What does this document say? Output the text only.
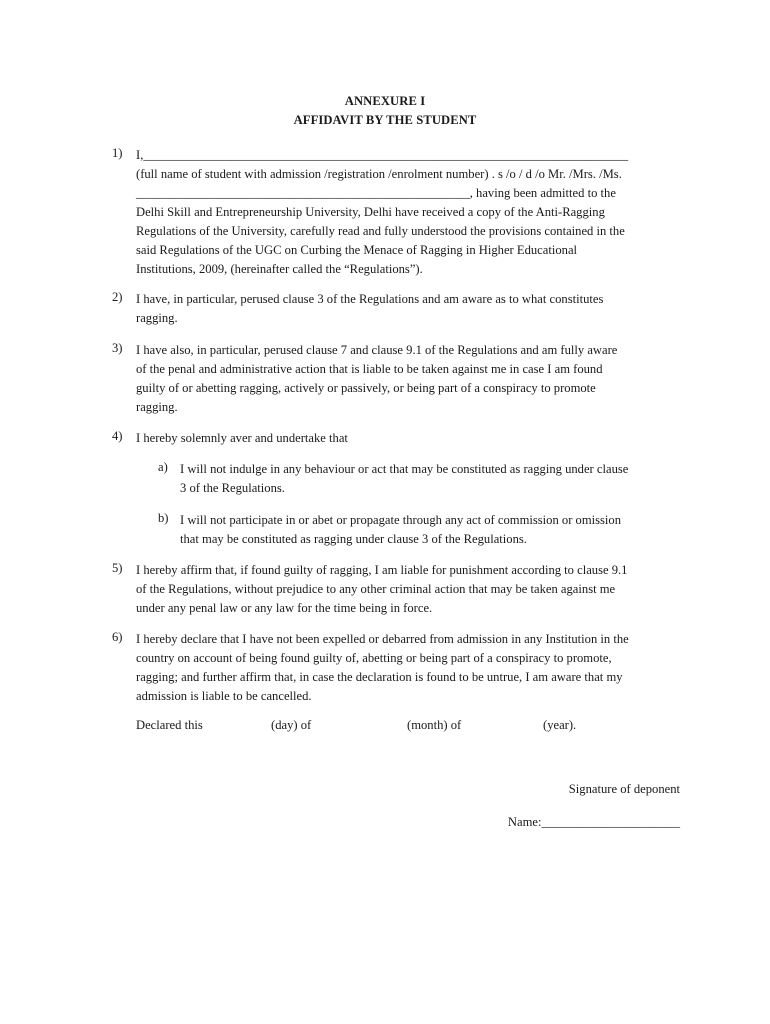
ANNEXURE I
AFFIDAVIT BY THE STUDENT
1)	I,_____________________________________________________________________________
(full name of student with admission /registration /enrolment number) . s /o / d /o Mr. /Mrs. /Ms.
_____________________________________________________, having been admitted to the
Delhi Skill and Entrepreneurship University, Delhi have received a copy of the Anti-Ragging
Regulations of the University, carefully read and fully understood the provisions contained in the
said Regulations of the UGC on Curbing the Menace of Ragging in Higher Educational
Institutions, 2009, (hereinafter called the “Regulations”).
2)	I have, in particular, perused clause 3 of the Regulations and am aware as to what constitutes
ragging.
3)	I have also, in particular, perused clause 7 and clause 9.1 of the Regulations and am fully aware
of the penal and administrative action that is liable to be taken against me in case I am found
guilty of or abetting ragging, actively or passively, or being part of a conspiracy to promote
ragging.
4)	I hereby solemnly aver and undertake that
a) I will not indulge in any behaviour or act that may be constituted as ragging under clause
3 of the Regulations.
b) I will not participate in or abet or propagate through any act of commission or omission
that may be constituted as ragging under clause 3 of the Regulations.
5)	I hereby affirm that, if found guilty of ragging, I am liable for punishment according to clause 9.1
of the Regulations, without prejudice to any other criminal action that may be taken against me
under any penal law or any law for the time being in force.
6)	I hereby declare that I have not been expelled or debarred from admission in any Institution in the
country on account of being found guilty of, abetting or being part of a conspiracy to promote,
ragging; and further affirm that, in case the declaration is found to be untrue, I am aware that my
admission is liable to be cancelled.
Declared this	(day) of	(month) of	(year).
Signature of deponent
Name:______________________
